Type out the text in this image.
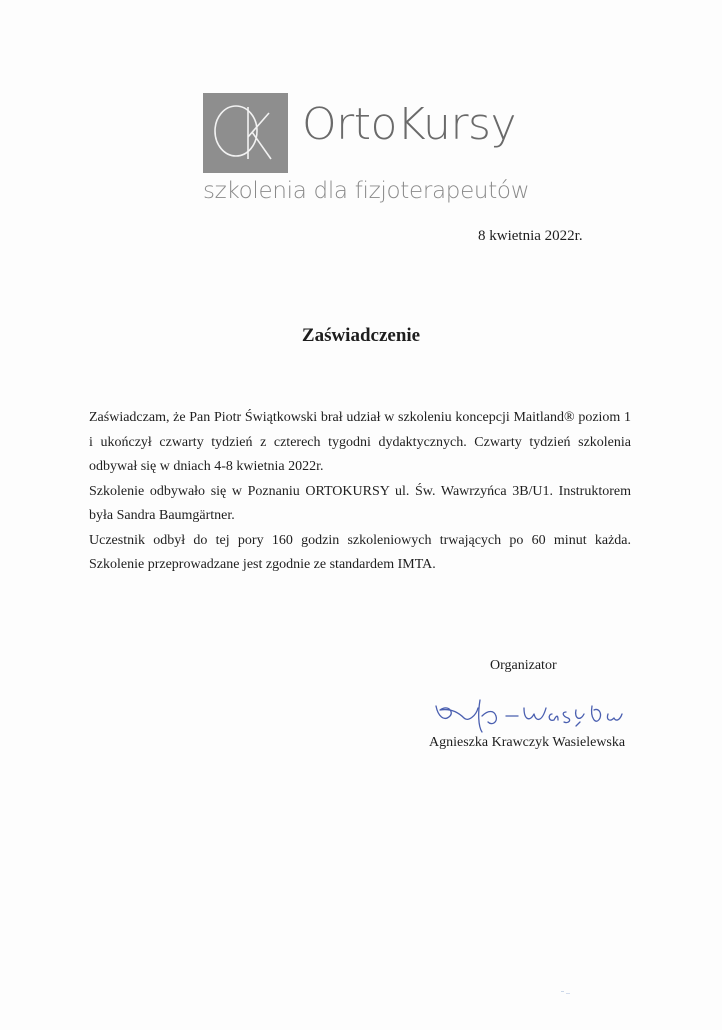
OrtoKursy
szkolenia dla fizjoterapeutów
8 kwietnia 2022r.
Zaświadczenie

Zaświadczam, że Pan Piotr Świątkowski brał udział w szkoleniu koncepcji Maitland® poziom 1 i ukończył czwarty tydzień z czterech tygodni dydaktycznych. Czwarty tydzień szkolenia odbywał się w dniach 4-8 kwietnia 2022r.

Szkolenie odbywało się w Poznaniu ORTOKURSY ul. Św. Wawrzyńca 3B/U1. Instruktorem była Sandra Baumgärtner.

Uczestnik odbył do tej pory 160 godzin szkoleniowych trwających po 60 minut każda. Szkolenie przeprowadzane jest zgodnie ze standardem IMTA.

Organizator
Agnieszka Krawczyk Wasielewska
